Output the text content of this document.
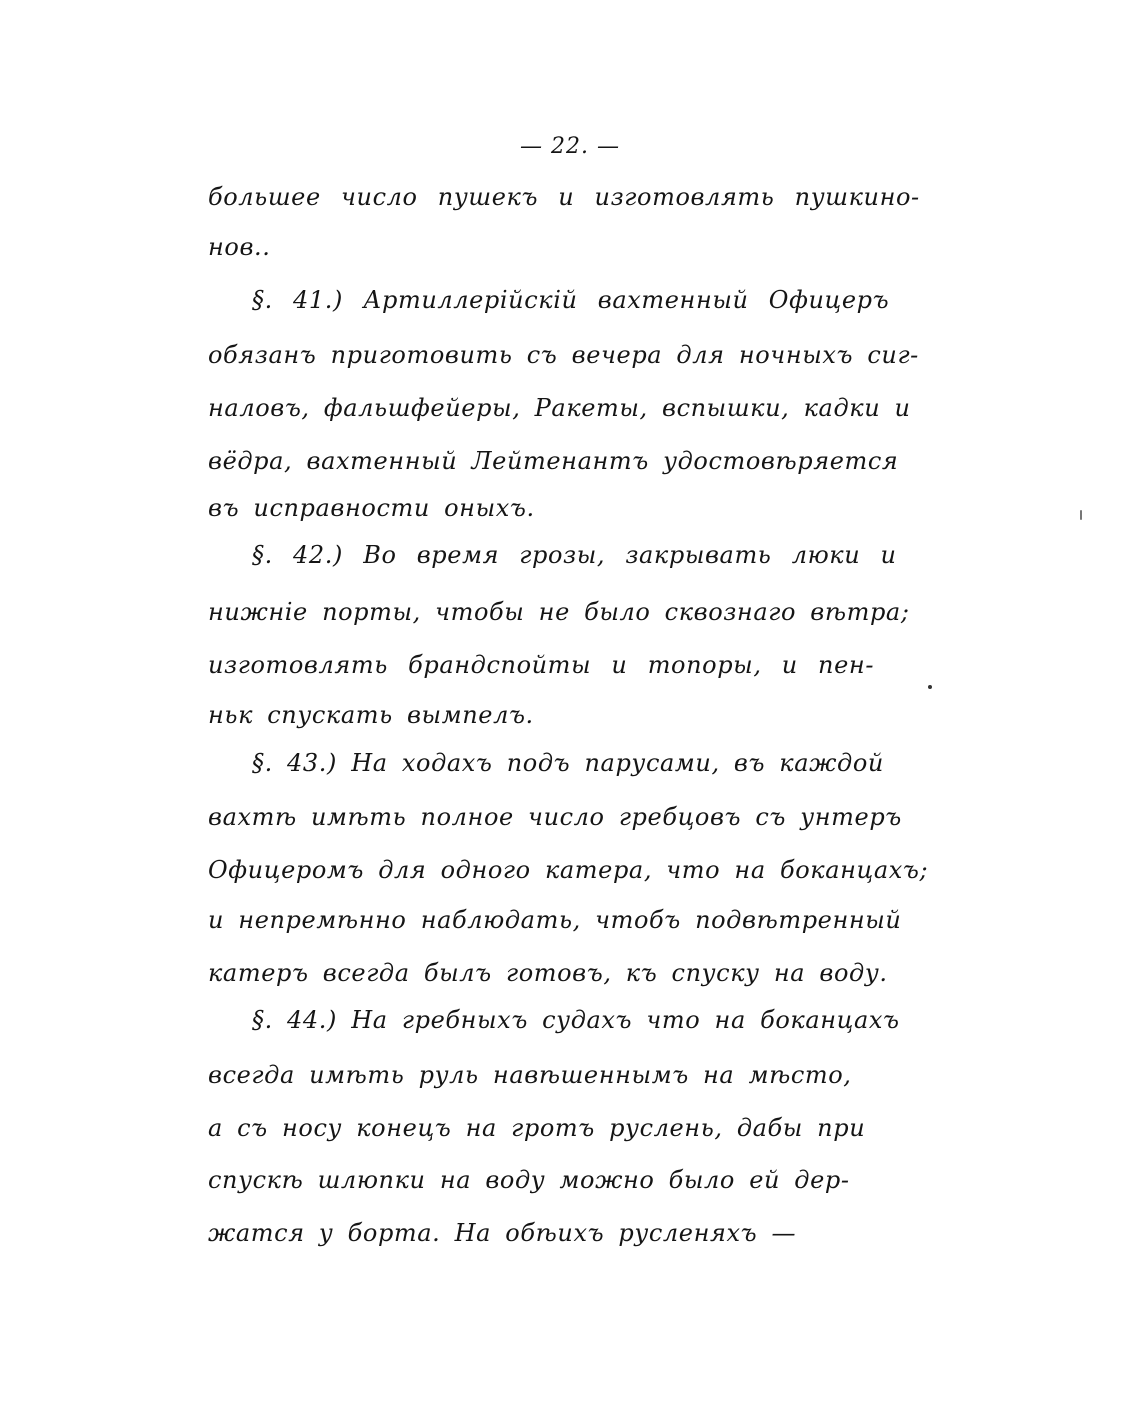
— 22. —
большее число пушекъ и изготовлять пушкино-
нов..
§. 41.) Артиллерiйскiй вахтенный Офицеръ
обязанъ приготовить съ вечера для ночныхъ сиг-
наловъ, фальшфейеры, Ракеты, вспышки, кадки и
вёдра, вахтенный Лейтенантъ удостовѣряется
въ исправности оныхъ.
§. 42.) Во время грозы, закрывать люки и
нижнiе порты, чтобы не было сквознаго вѣтра;
изготовлять брандспойты и топоры, и пен-
ньк спускать вымпелъ.
§. 43.) На ходахъ подъ парусами, въ каждой
вахтѣ имѣть полное число гребцовъ съ унтеръ
Офицеромъ для одного катера, что на боканцахъ;
и непремѣнно наблюдать, чтобъ подвѣтренный
катеръ всегда былъ готовъ, къ спуску на воду.
§. 44.) На гребныхъ судахъ что на боканцахъ
всегда имѣть руль навѣшеннымъ на мѣсто,
а съ носу конецъ на гротъ руслень, дабы при
спускѣ шлюпки на воду можно было ей дер-
жатся у борта. На обѣихъ русленяхъ —
